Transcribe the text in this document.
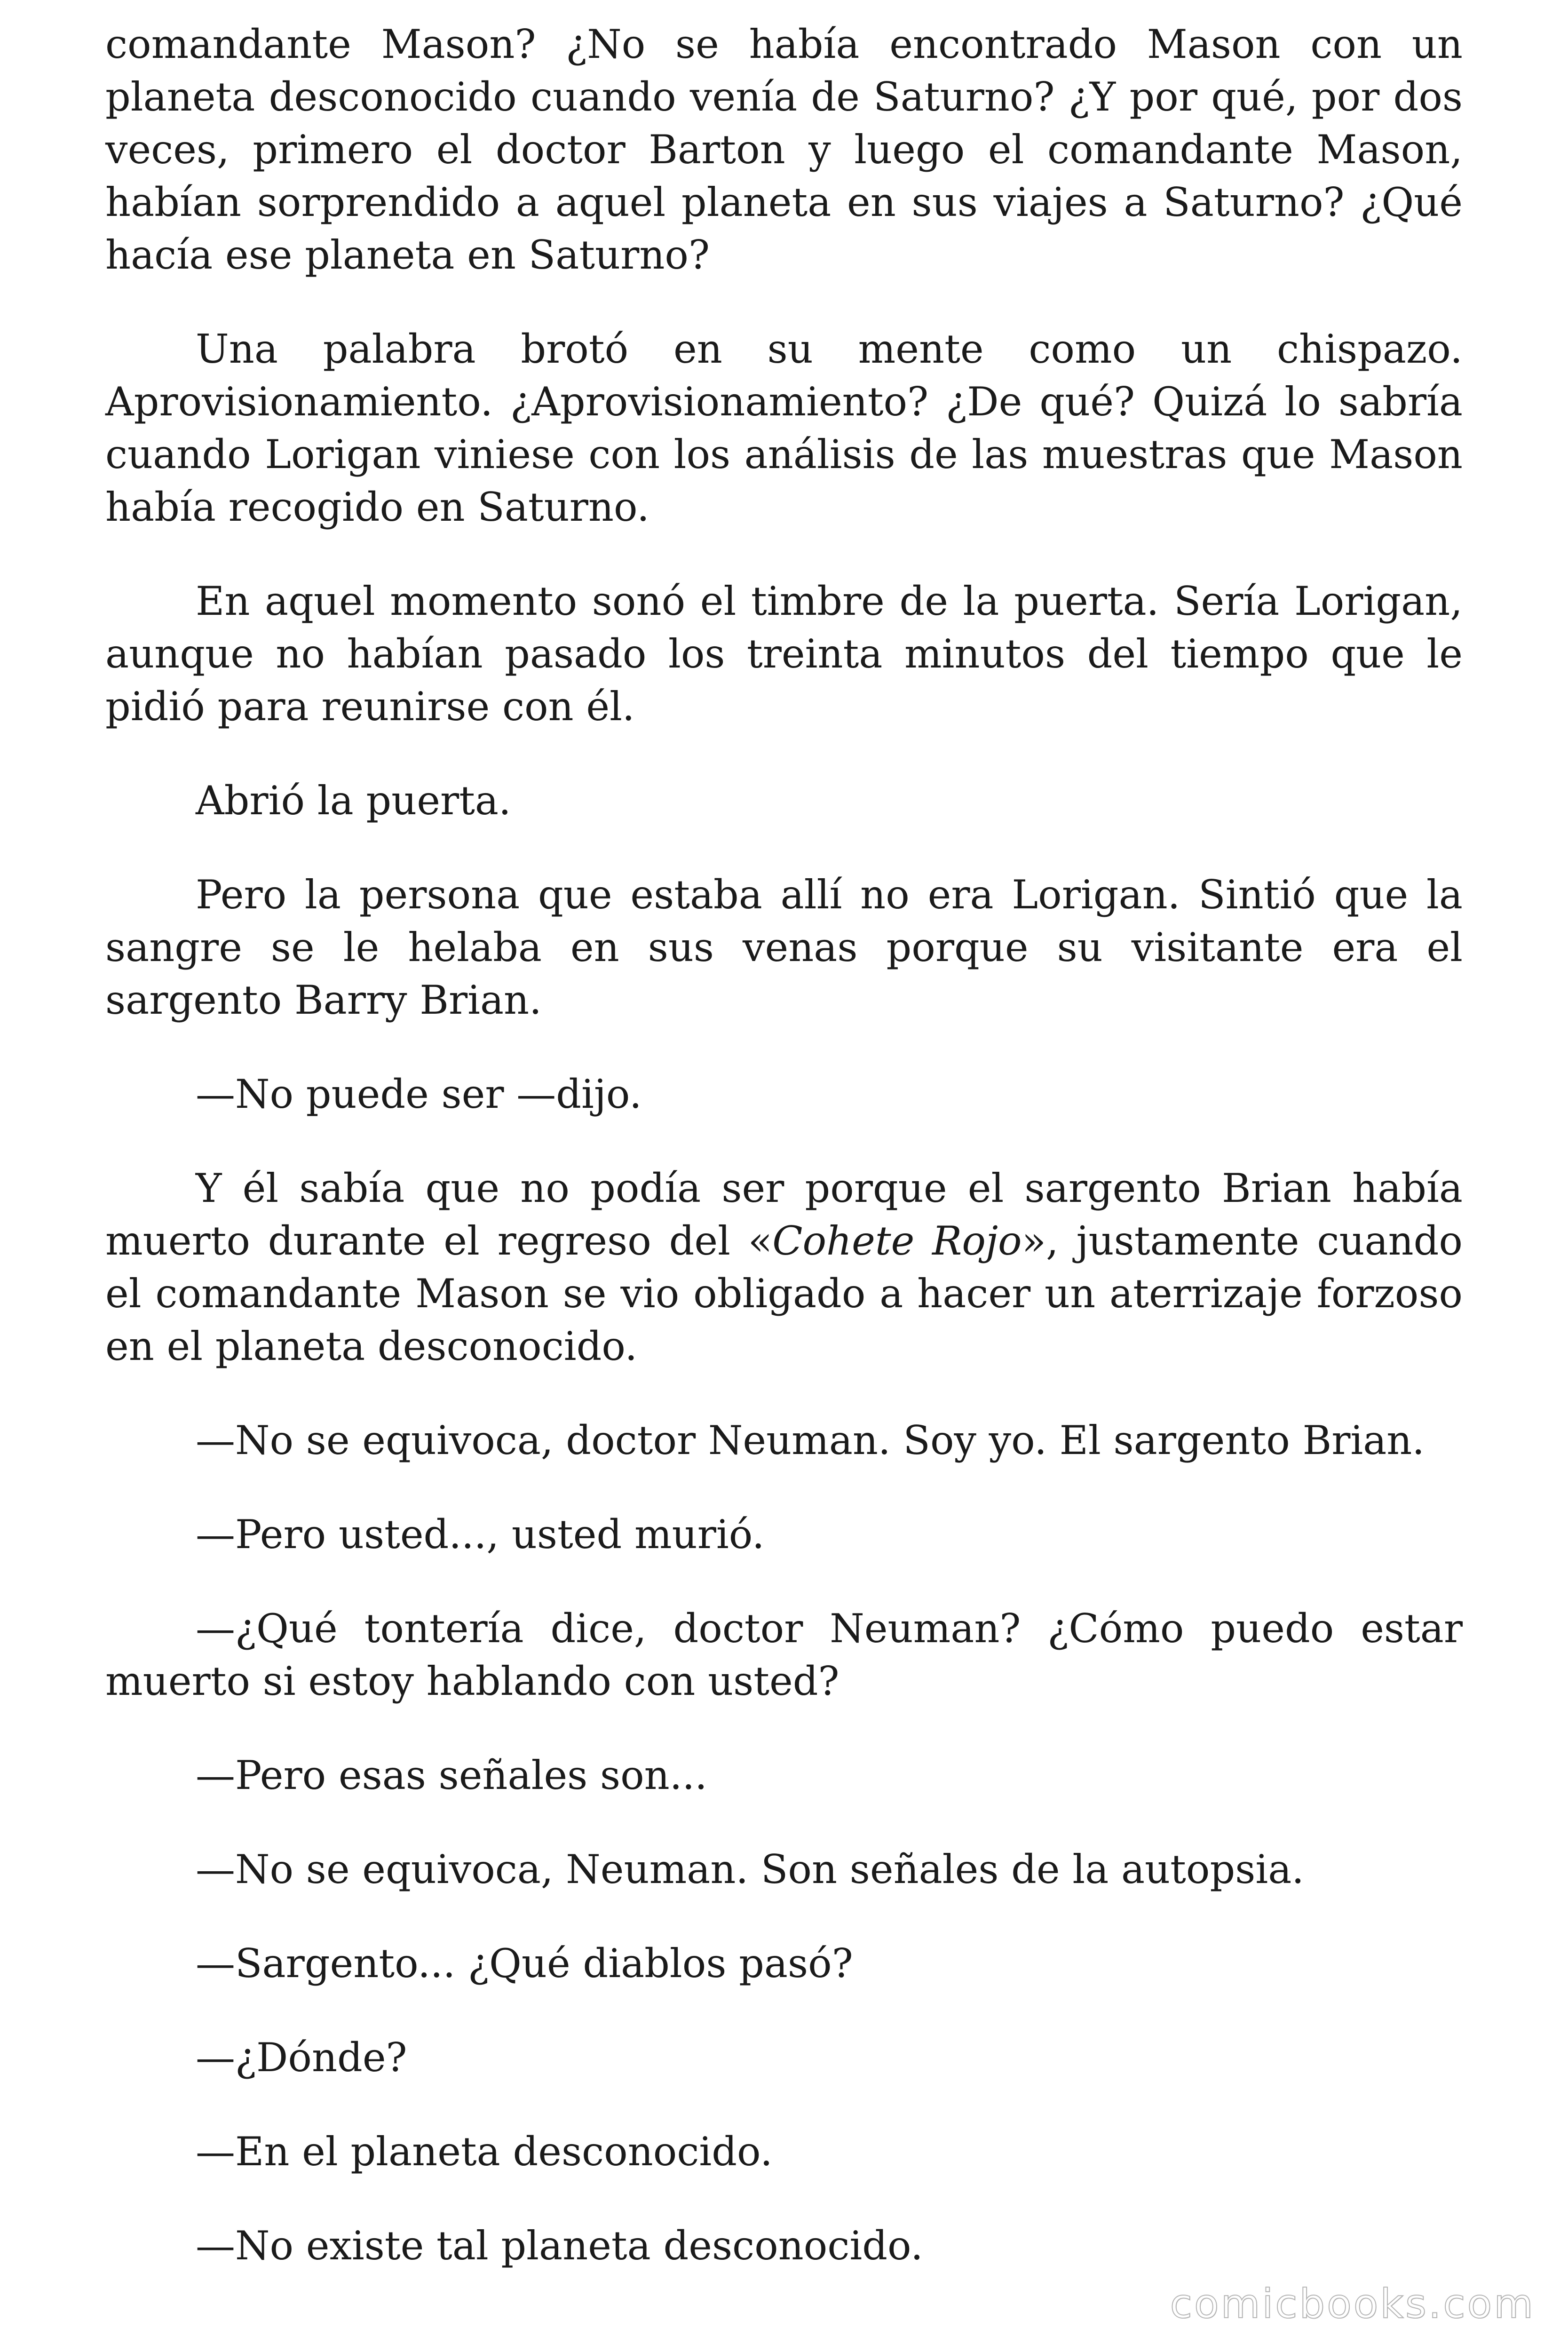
comandante Mason? ¿No se había encontrado Mason con un planeta desconocido cuando venía de Saturno? ¿Y por qué, por dos veces, primero el doctor Barton y luego el comandante Mason, habían sorprendido a aquel planeta en sus viajes a Saturno? ¿Qué hacía ese planeta en Saturno?

Una palabra brotó en su mente como un chispazo. Aprovisionamiento. ¿Aprovisionamiento? ¿De qué? Quizá lo sabría cuando Lorigan viniese con los análisis de las muestras que Mason había recogido en Saturno.

En aquel momento sonó el timbre de la puerta. Sería Lorigan, aunque no habían pasado los treinta minutos del tiempo que le pidió para reunirse con él.

Abrió la puerta.

Pero la persona que estaba allí no era Lorigan. Sintió que la sangre se le helaba en sus venas porque su visitante era el sargento Barry Brian.

—No puede ser —dijo.

Y él sabía que no podía ser porque el sargento Brian había muerto durante el regreso del «Cohete Rojo», justamente cuando el comandante Mason se vio obligado a hacer un aterrizaje forzoso en el planeta desconocido.

—No se equivoca, doctor Neuman. Soy yo. El sargento Brian.

—Pero usted..., usted murió.

—¿Qué tontería dice, doctor Neuman? ¿Cómo puedo estar muerto si estoy hablando con usted?

—Pero esas señales son...

—No se equivoca, Neuman. Son señales de la autopsia.

—Sargento... ¿Qué diablos pasó?

—¿Dónde?

—En el planeta desconocido.

—No existe tal planeta desconocido.

comicbooks.com
